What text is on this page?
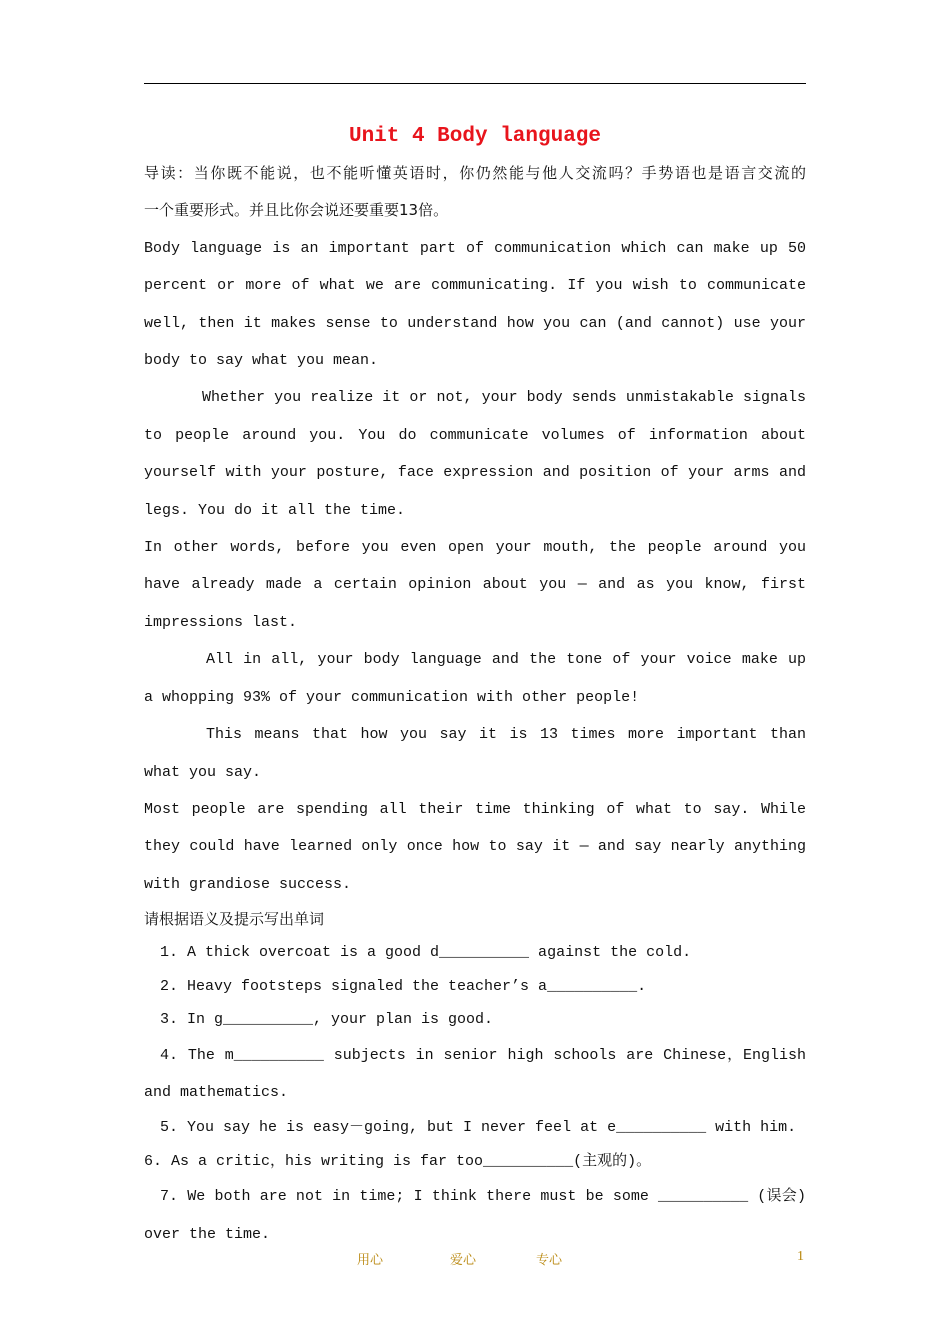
Unit 4 Body language

导读：当你既不能说，也不能听懂英语时，你仍然能与他人交流吗？手势语也是语言交流的

一个重要形式。并且比你会说还要重要13倍。

Body language is an important part of communication which can make up 50 percent or more of what we are communicating. If you wish to communicate well, then it makes sense to understand how you can (and cannot) use your body to say what you mean.

Whether you realize it or not, your body sends unmistakable signals to people around you. You do communicate volumes of information about yourself with your posture, face expression and position of your arms and legs. You do it all the time.

In other words, before you even open your mouth, the people around you have already made a certain opinion about you — and as you know, first impressions last.

All in all, your body language and the tone of your voice make up a whopping 93% of your communication with other people!

This means that how you say it is 13 times more important than what you say.

Most people are spending all their time thinking of what to say. While they could have learned only once how to say it — and say nearly anything with grandiose success.

请根据语义及提示写出单词

1. A thick overcoat is a good d__________ against the cold.

2. Heavy footsteps signaled the teacher’s a__________.

3. In g__________, your plan is good.

4. The m__________ subjects in senior high schools are Chinese，English and mathematics.

5. You say he is easy－going, but I never feel at e__________ with him.

6. As a critic，his writing is far too__________(主观的)。

7. We both are not in time; I think there must be some __________ (误会) over the time.

用心	爱心	专心	1
